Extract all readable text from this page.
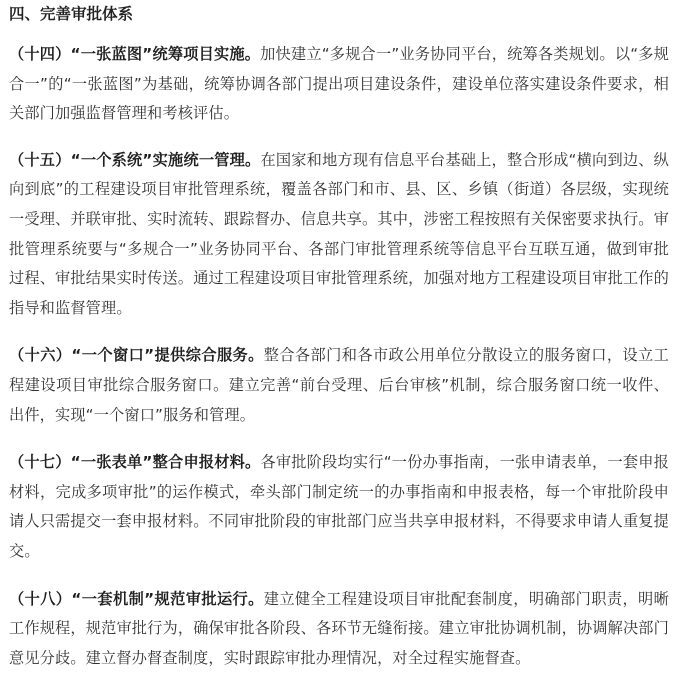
四、完善审批体系

（十四）“一张蓝图”统筹项目实施。加快建立“多规合一”业务协同平台，统筹各类规划。以“多规合一”的“一张蓝图”为基础，统筹协调各部门提出项目建设条件，建设单位落实建设条件要求，相关部门加强监督管理和考核评估。

（十五）“一个系统”实施统一管理。在国家和地方现有信息平台基础上，整合形成“横向到边、纵向到底”的工程建设项目审批管理系统，覆盖各部门和市、县、区、乡镇（街道）各层级，实现统一受理、并联审批、实时流转、跟踪督办、信息共享。其中，涉密工程按照有关保密要求执行。审批管理系统要与“多规合一”业务协同平台、各部门审批管理系统等信息平台互联互通，做到审批过程、审批结果实时传送。通过工程建设项目审批管理系统，加强对地方工程建设项目审批工作的指导和监督管理。

（十六）“一个窗口”提供综合服务。整合各部门和各市政公用单位分散设立的服务窗口，设立工程建设项目审批综合服务窗口。建立完善“前台受理、后台审核”机制，综合服务窗口统一收件、出件，实现“一个窗口”服务和管理。

（十七）“一张表单”整合申报材料。各审批阶段均实行“一份办事指南，一张申请表单，一套申报材料，完成多项审批”的运作模式，牵头部门制定统一的办事指南和申报表格，每一个审批阶段申请人只需提交一套申报材料。不同审批阶段的审批部门应当共享申报材料，不得要求申请人重复提交。

（十八）“一套机制”规范审批运行。建立健全工程建设项目审批配套制度，明确部门职责，明晰工作规程，规范审批行为，确保审批各阶段、各环节无缝衔接。建立审批协调机制，协调解决部门意见分歧。建立督办督查制度，实时跟踪审批办理情况，对全过程实施督查。
